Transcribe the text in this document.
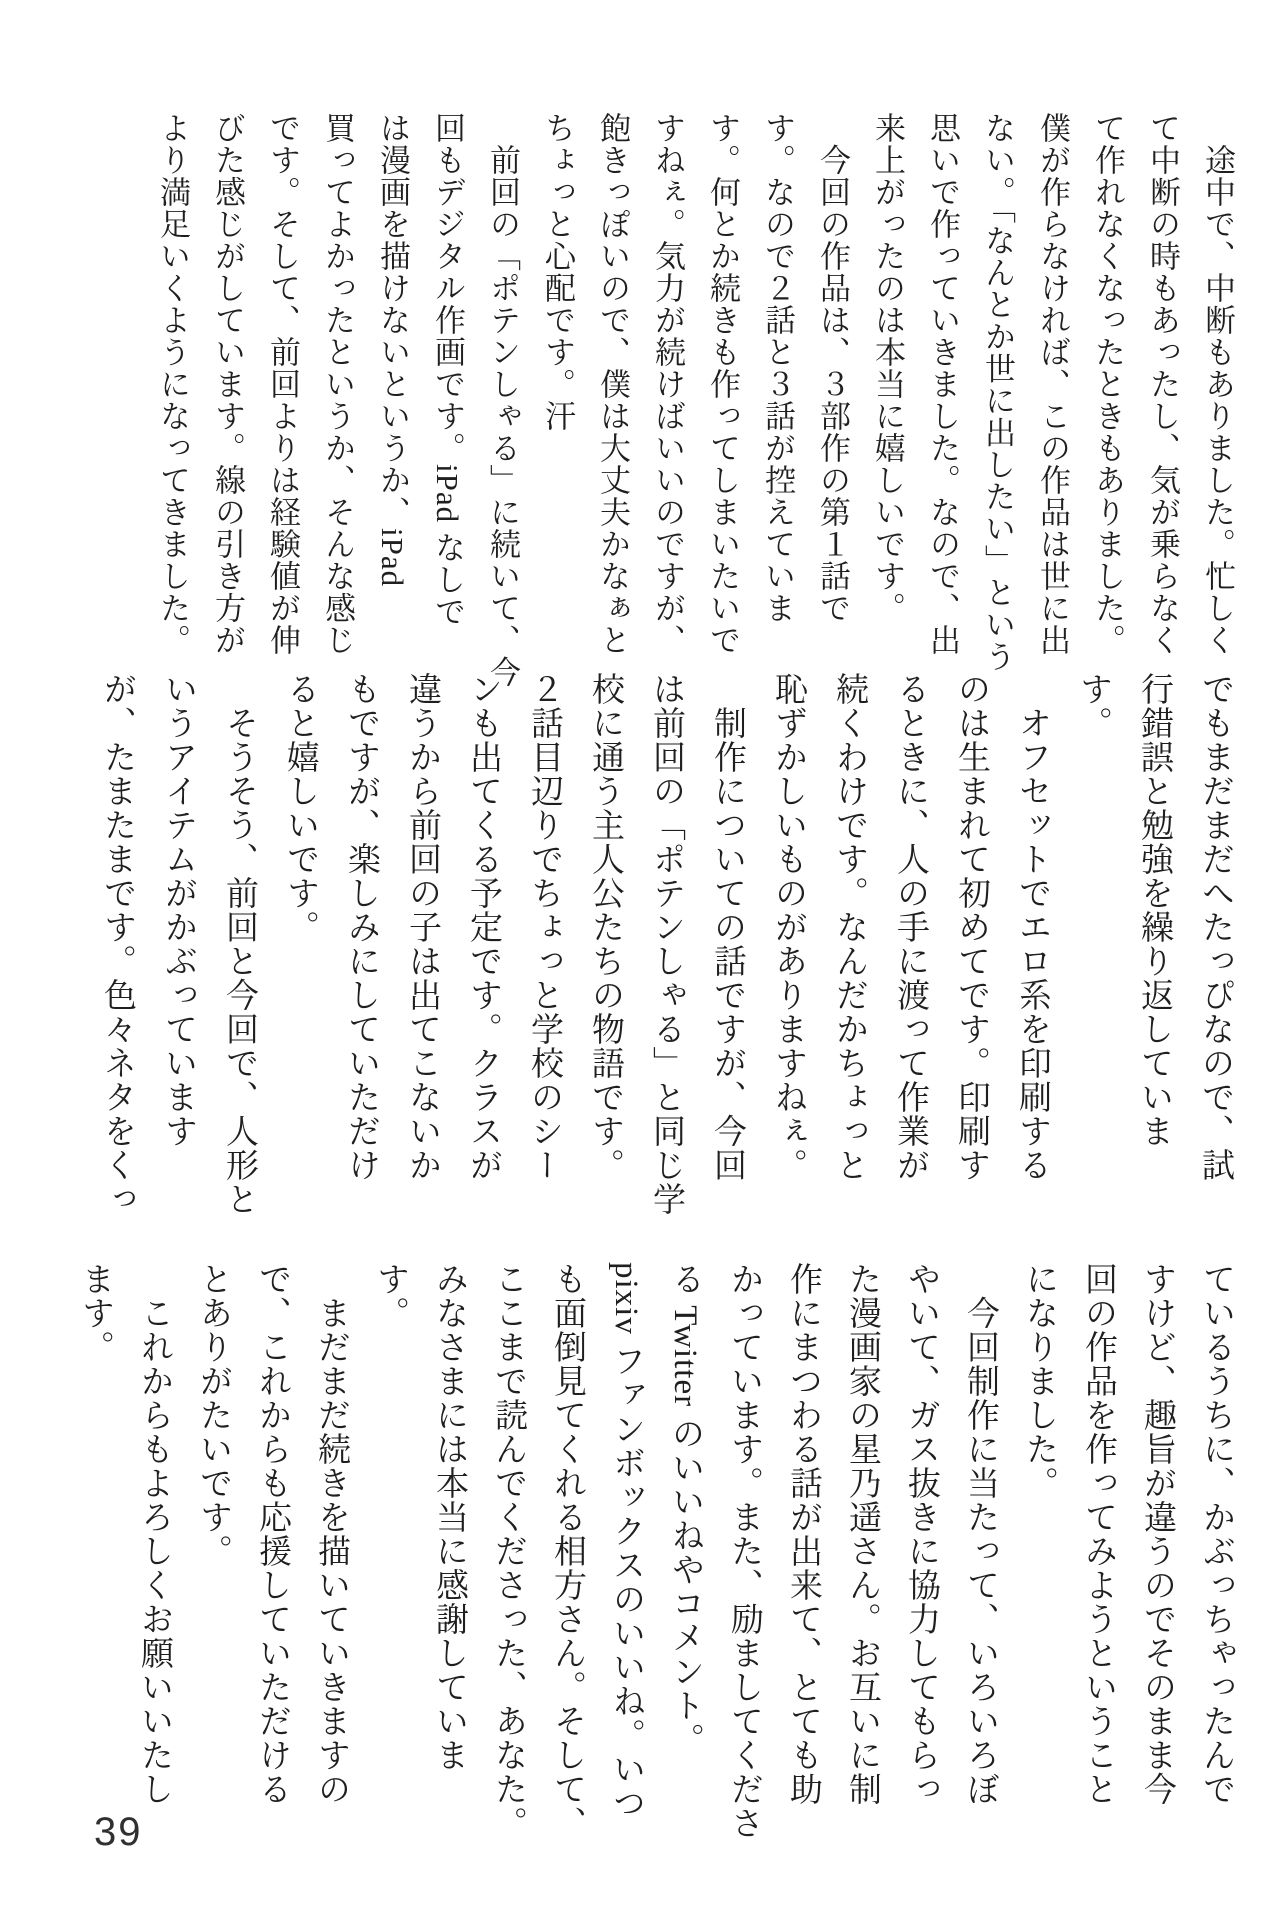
　途中で、中断もありました。忙しく

て中断の時もあったし、気が乗らなく

て作れなくなったときもありました。

僕が作らなければ、この作品は世に出

ない。「なんとか世に出したい」という

思いで作っていきました。なので、出

来上がったのは本当に嬉しいです。

　今回の作品は、３部作の第１話で

す。なので２話と３話が控えていま

す。何とか続きも作ってしまいたいで

すねぇ。気力が続けばいいのですが、

飽きっぽいので、僕は大丈夫かなぁと

ちょっと心配です。汗

　前回の「ポテンしゃる」に続いて、今

回もデジタル作画です。iPad なしで

は漫画を描けないというか、iPad

買ってよかったというか、そんな感じ

です。そして、前回よりは経験値が伸

びた感じがしています。線の引き方が

より満足いくようになってきました。

でもまだまだへたっぴなので、試

行錯誤と勉強を繰り返していま

す。

　オフセットでエロ系を印刷する

のは生まれて初めてです。印刷す

るときに、人の手に渡って作業が

続くわけです。なんだかちょっと

恥ずかしいものがありますねぇ。

　制作についての話ですが、今回

は前回の「ポテンしゃる」と同じ学

校に通う主人公たちの物語です。

２話目辺りでちょっと学校のシー

ンも出てくる予定です。クラスが

違うから前回の子は出てこないか

もですが、楽しみにしていただけ

ると嬉しいです。

　そうそう、前回と今回で、人形と

いうアイテムがかぶっています

が、たまたまです。色々ネタをくっ

ているうちに、かぶっちゃったんで

すけど、趣旨が違うのでそのまま今

回の作品を作ってみようということ

になりました。

　今回制作に当たって、いろいろぼ

やいて、ガス抜きに協力してもらっ

た漫画家の星乃遥さん。お互いに制

作にまつわる話が出来て、とても助

かっています。また、励ましてくださ

る Twitter のいいねやコメント。

pixiv ファンボックスのいいね。いつ

も面倒見てくれる相方さん。そして、

ここまで読んでくださった、あなた。

みなさまには本当に感謝していま

す。

　まだまだ続きを描いていきますの

で、これからも応援していただける

とありがたいです。

　これからもよろしくお願いいたし

ます。

39
